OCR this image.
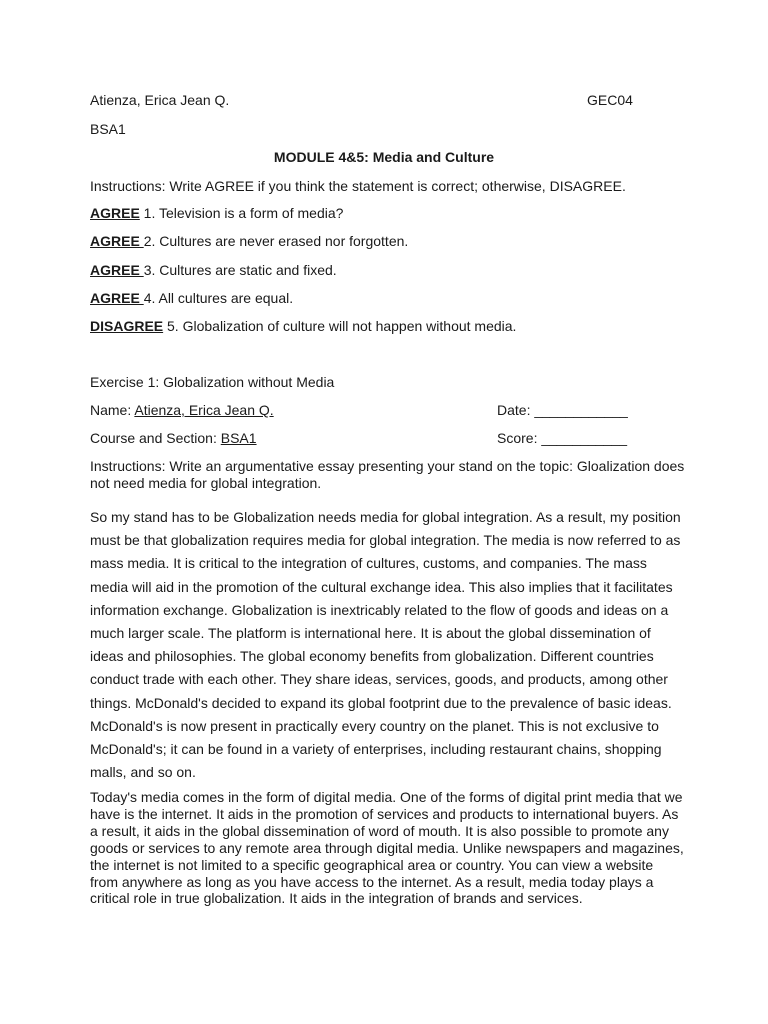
Atienza, Erica Jean Q.	GEC04
BSA1
MODULE 4&5: Media and Culture
Instructions: Write AGREE if you think the statement is correct; otherwise, DISAGREE.
AGREE 1. Television is a form of media?
AGREE 2. Cultures are never erased nor forgotten.
AGREE 3. Cultures are static and fixed.
AGREE 4. All cultures are equal.
DISAGREE 5. Globalization of culture will not happen without media.
Exercise 1: Globalization without Media
Name: Atienza, Erica Jean Q.	Date: ____________
Course and Section: BSA1	Score: ___________
Instructions: Write an argumentative essay presenting your stand on the topic: Gloalization does
not need media for global integration.
So my stand has to be Globalization needs media for global integration. As a result, my position
must be that globalization requires media for global integration. The media is now referred to as
mass media. It is critical to the integration of cultures, customs, and companies. The mass
media will aid in the promotion of the cultural exchange idea. This also implies that it facilitates
information exchange. Globalization is inextricably related to the flow of goods and ideas on a
much larger scale. The platform is international here. It is about the global dissemination of
ideas and philosophies. The global economy benefits from globalization. Different countries
conduct trade with each other. They share ideas, services, goods, and products, among other
things. McDonald's decided to expand its global footprint due to the prevalence of basic ideas.
McDonald's is now present in practically every country on the planet. This is not exclusive to
McDonald's; it can be found in a variety of enterprises, including restaurant chains, shopping
malls, and so on.
Today's media comes in the form of digital media. One of the forms of digital print media that we
have is the internet. It aids in the promotion of services and products to international buyers. As
a result, it aids in the global dissemination of word of mouth. It is also possible to promote any
goods or services to any remote area through digital media. Unlike newspapers and magazines,
the internet is not limited to a specific geographical area or country. You can view a website
from anywhere as long as you have access to the internet. As a result, media today plays a
critical role in true globalization. It aids in the integration of brands and services.
